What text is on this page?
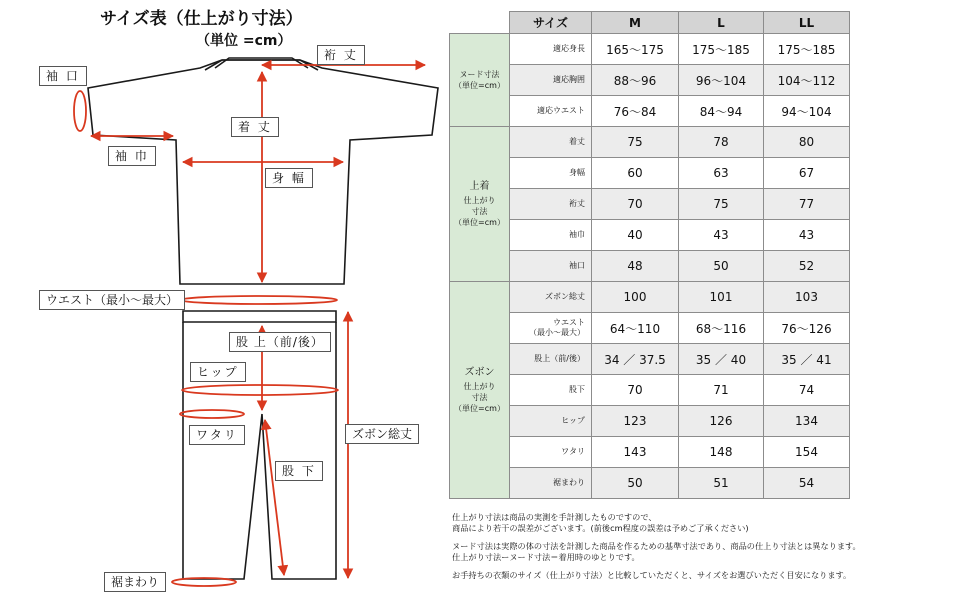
サイズ表（仕上がり寸法）
（単位 =cm）
袖 口
裄 丈
着 丈
袖 巾
身 幅
ウエスト（最小〜最大）
股 上（前/後）
ヒップ
ワタリ	ズボン総丈
股 下
裾まわり
	サイズ	M	L	LL

ヌード寸法
（単位=cm）	適応身長	165〜175	175〜185	175〜185

	適応胸囲	88〜96	96〜104	104〜112

	適応ウエスト	76〜84	84〜94	94〜104

上着
仕上がり
寸法
（単位=cm）	着丈	75	78	80

	身幅	60	63	67

	裄丈	70	75	77

	袖巾	40	43	43

	袖口	48	50	52

ズボン
仕上がり
寸法
（単位=cm）	ズボン総丈	100	101	103

	ウエスト
（最小〜最大）	64〜110	68〜116	76〜126

	股上（前/後）	34 ／ 37.5	35 ／ 40	35 ／ 41

	股下	70	71	74

	ヒップ	123	126	134

	ワタリ	143	148	154

	裾まわり	50	51	54

仕上がり寸法は商品の実測を手計測したものですので、

商品により若干の誤差がございます。(前後cm程度の誤差は予めご了承ください)

ヌード寸法は実際の体の寸法を計測した商品を作るための基準寸法であり、商品の仕上り寸法とは異なります。

仕上がり寸法ーヌード寸法＝着用時のゆとりです。

お手持ちの衣類のサイズ（仕上がり寸法）と比較していただくと、サイズをお選びいただく目安になります。
